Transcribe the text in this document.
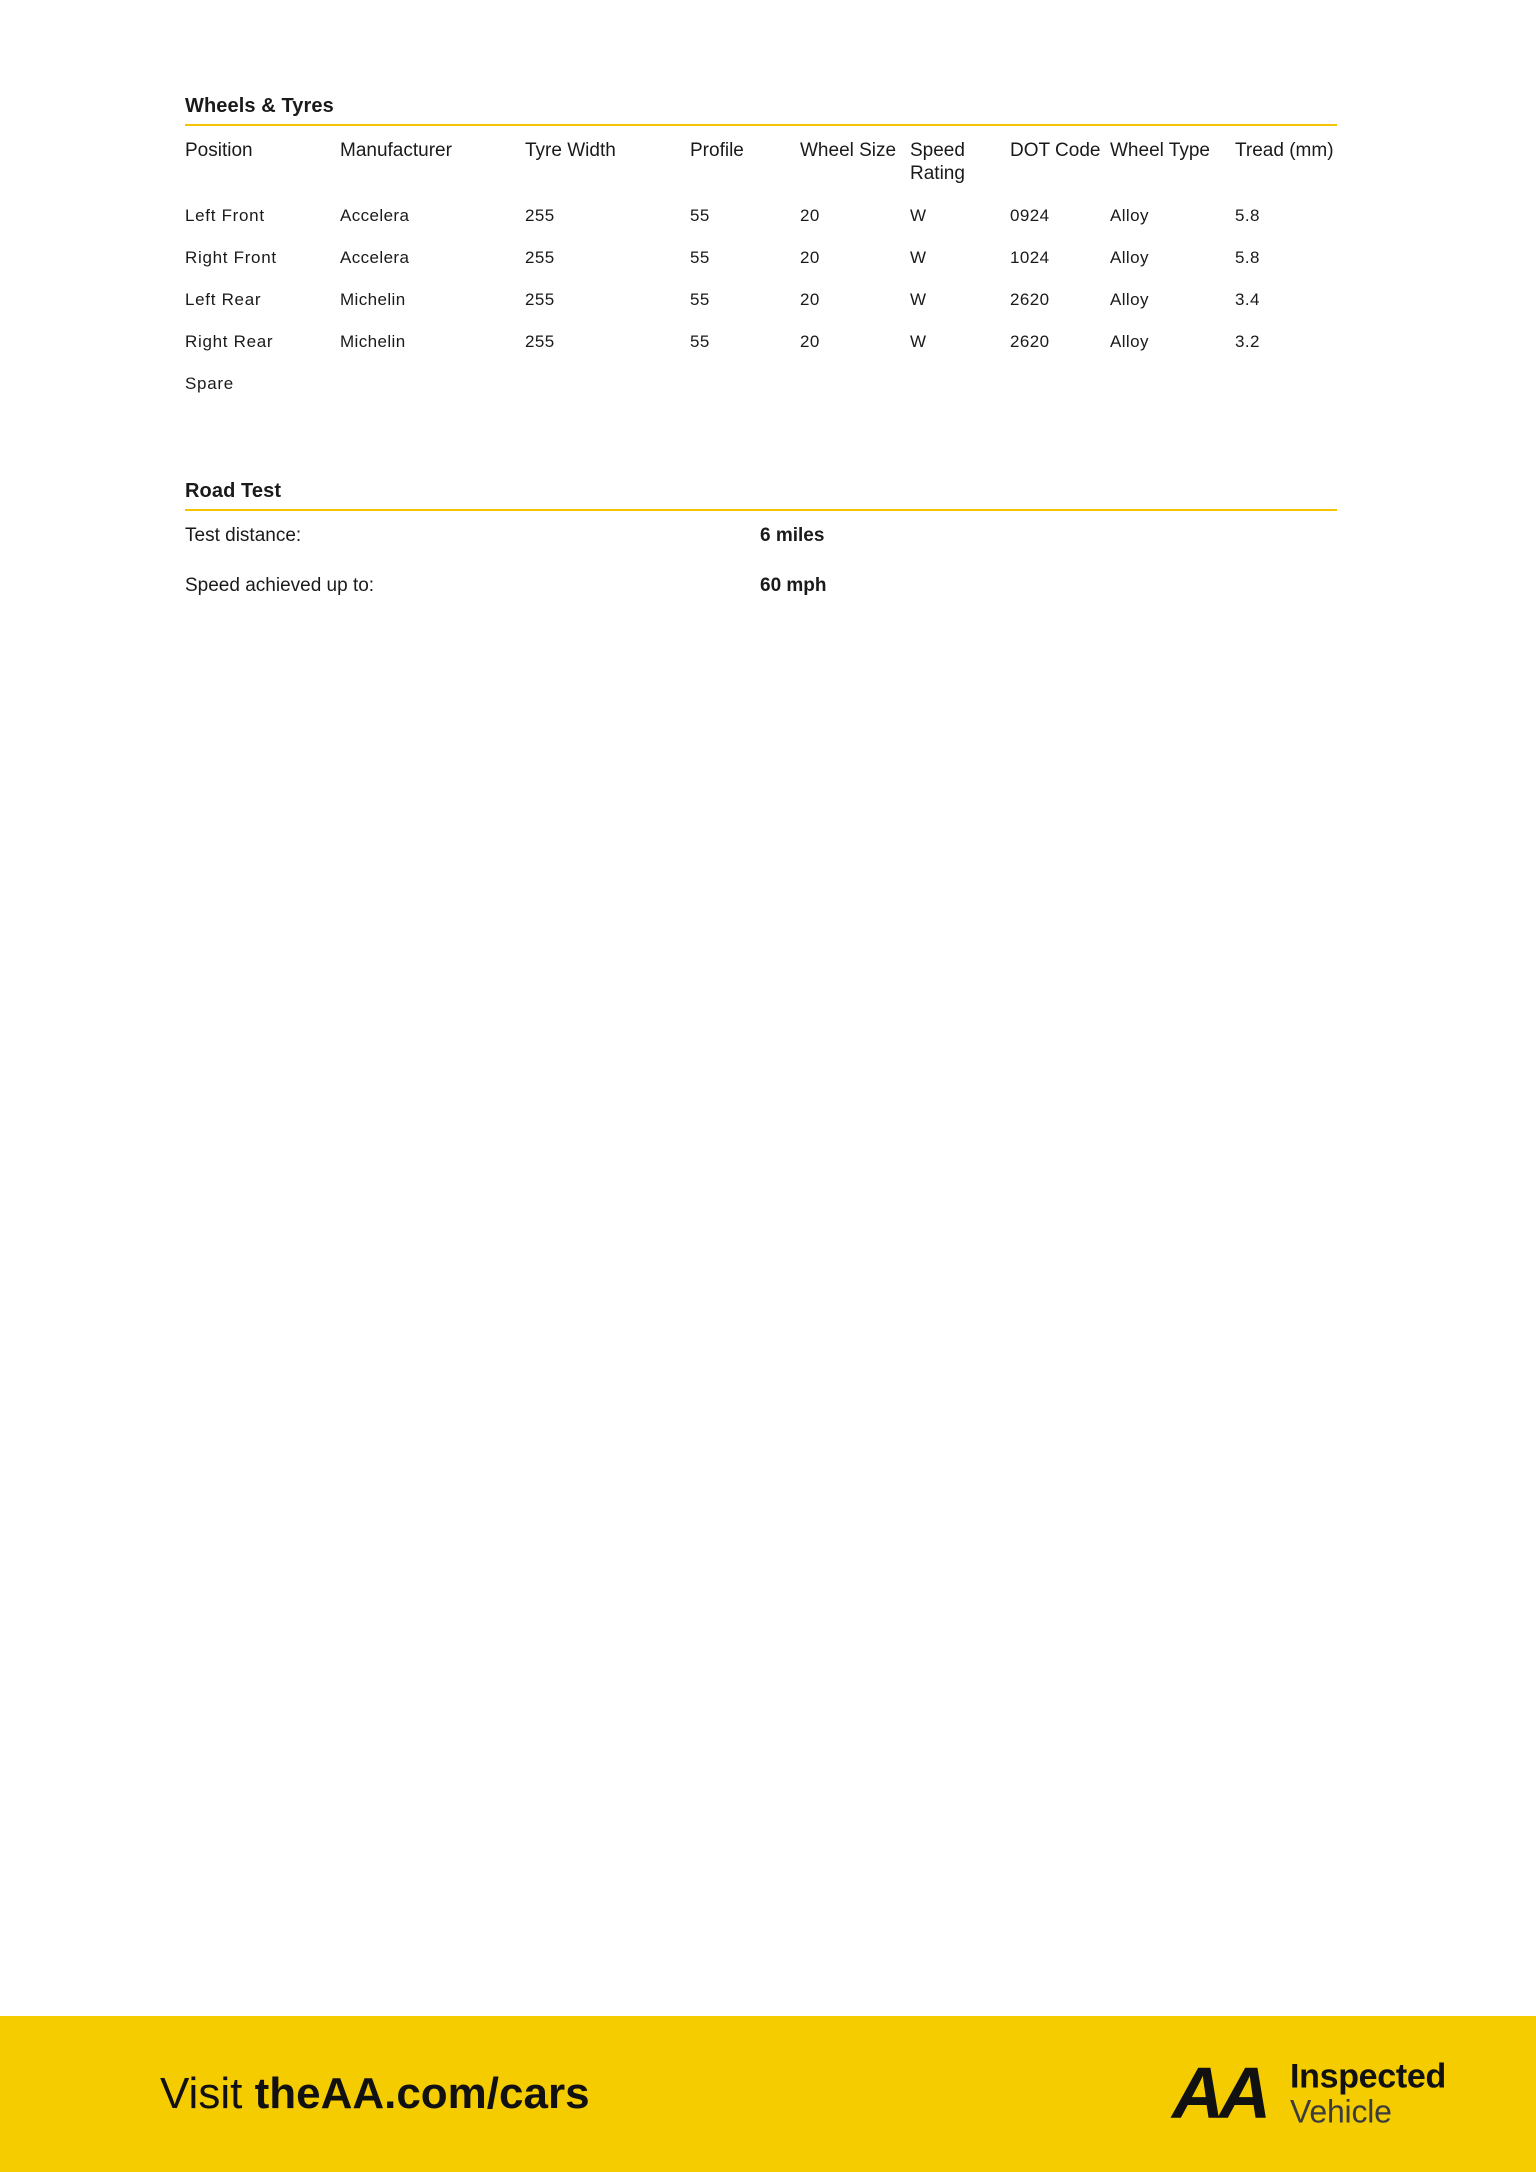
Wheels & Tyres
Position	Manufacturer	Tyre Width	Profile	Wheel Size	Speed Rating	DOT Code	Wheel Type	Tread (mm)
Left Front	Accelera	255	55	20	W	0924	Alloy	5.8
Right Front	Accelera	255	55	20	W	1024	Alloy	5.8
Left Rear	Michelin	255	55	20	W	2620	Alloy	3.4
Right Rear	Michelin	255	55	20	W	2620	Alloy	3.2
Spare								
Road Test
Test distance:	6 miles
Speed achieved up to:	60 mph
Visit theAA.com/cars	AA Inspected
Vehicle
